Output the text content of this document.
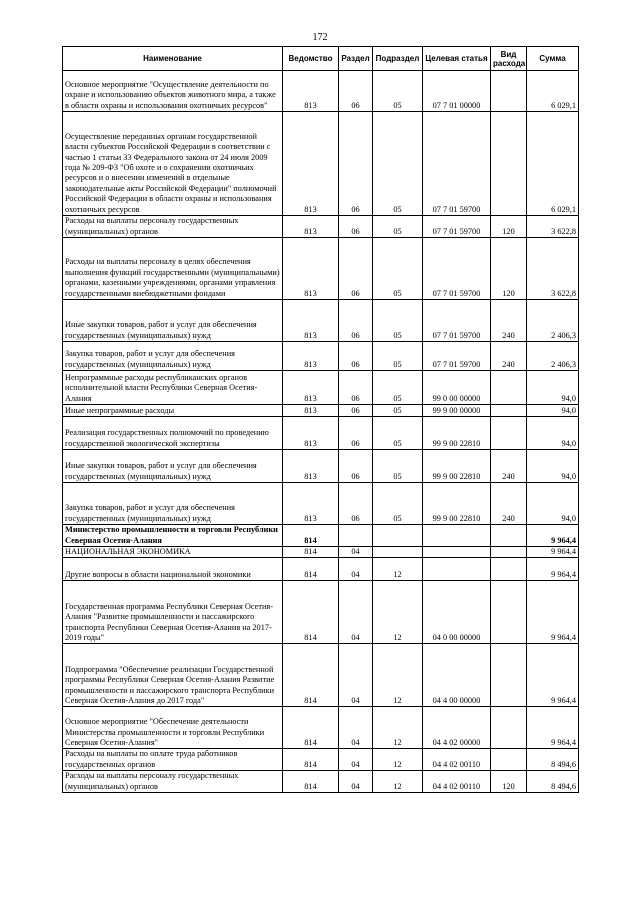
172
Наименование	Ведомство	Раздел	Подраздел	Целевая статья	Вид расхода	Сумма
Основное мероприятие "Осуществление деятельности по охране и использованию объектов животного мира, а также в области охраны и использования охотничьих ресурсов"	813	06	05	07 7 01 00000		6 029,1
Осуществление переданных органам государственной власти субъектов Российской Федерации в соответствии с частью 1 статьи 33 Федерального закона от 24 июля 2009 года № 209-ФЗ "Об охоте и о сохранении охотничьих ресурсов и о внесении изменений в отдельные законодательные акты Российской Федерации" полномочий Российской Федерации в области охраны и использования охотничьих ресурсов	813	06	05	07 7 01 59700		6 029,1
Расходы на выплаты персоналу государственных (муниципальных) органов	813	06	05	07 7 01 59700	120	3 622,8
Расходы на выплаты персоналу в целях обеспечения выполнения функций государственными (муниципальными) органами, казенными учреждениями, органами управления государственными внебюджетными фондами	813	06	05	07 7 01 59700	120	3 622,8
Иные закупки товаров, работ и услуг для обеспечения государственных (муниципальных) нужд	813	06	05	07 7 01 59700	240	2 406,3
Закупка товаров, работ и услуг для обеспечения государственных (муниципальных) нужд	813	06	05	07 7 01 59700	240	2 406,3
Непрограммные расходы республиканских органов исполнительной власти Республики Северная Осетия-Алания	813	06	05	99 0 00 00000		94,0
Иные непрограммные расходы	813	06	05	99 9 00 00000		94,0
Реализация государственных полномочий по проведению государственной экологической экспертизы	813	06	05	99 9 00 22810		94,0
Иные закупки товаров, работ и услуг для обеспечения государственных (муниципальных) нужд	813	06	05	99 9 00 22810	240	94,0
Закупка товаров, работ и услуг для обеспечения государственных (муниципальных) нужд	813	06	05	99 9 00 22810	240	94,0
Министерство промышленности и торговли Республики Северная Осетия-Алания	814					9 964,4
НАЦИОНАЛЬНАЯ ЭКОНОМИКА	814	04				9 964,4
Другие вопросы в области национальной экономики	814	04	12			9 964,4
Государственная программа Республики Северная Осетия-Алания "Развитие промышленности и пассажирского транспорта Республики Северная Осетия-Алания на 2017-2019 годы"	814	04	12	04 0 00 00000		9 964,4
Подпрограмма "Обеспечение реализации Государственной программы Республики Северная Осетия-Алания Развитие промышленности и пассажирского транспорта Республики Северная Осетия-Алания до 2017 года"	814	04	12	04 4 00 00000		9 964,4
Основное мероприятие "Обеспечение деятельности Министерства промышленности и торговли Республики Северная Осетия-Алания"	814	04	12	04 4 02 00000		9 964,4
Расходы на выплаты по оплате труда работников государственных органов	814	04	12	04 4 02 00110		8 494,6
Расходы на выплаты персоналу государственных (муниципальных) органов	814	04	12	04 4 02 00110	120	8 494,6
